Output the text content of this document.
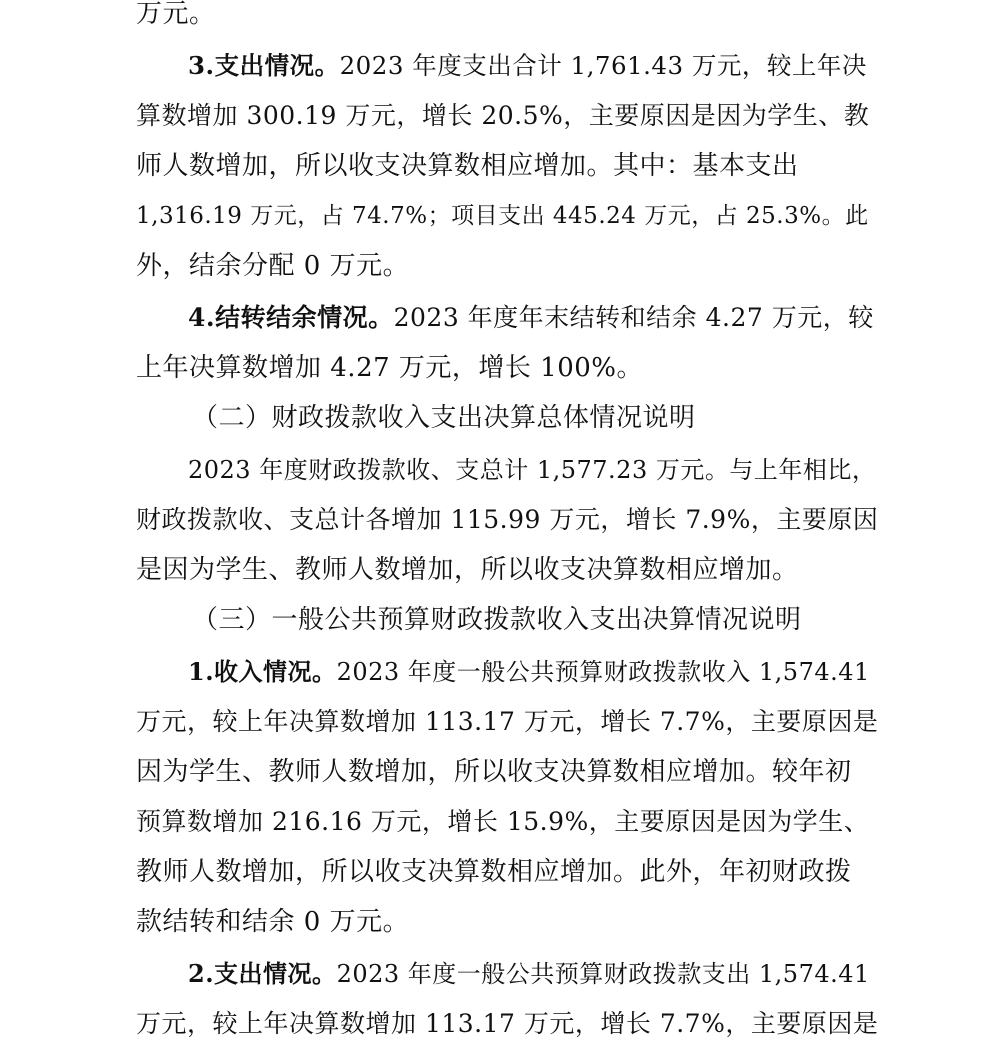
万元。
3.支出情况。2023 年度支出合计 1,761.43 万元，较上年决
算数增加 300.19 万元，增长 20.5%，主要原因是因为学生、教
师人数增加，所以收支决算数相应增加。其中：基本支出
1,316.19 万元，占 74.7%；项目支出 445.24 万元，占 25.3%。此
外，结余分配 0 万元。
4.结转结余情况。2023 年度年末结转和结余 4.27 万元，较
上年决算数增加 4.27 万元，增长 100%。
（二）财政拨款收入支出决算总体情况说明
2023 年度财政拨款收、支总计 1,577.23 万元。与上年相比，
财政拨款收、支总计各增加 115.99 万元，增长 7.9%，主要原因
是因为学生、教师人数增加，所以收支决算数相应增加。
（三）一般公共预算财政拨款收入支出决算情况说明
1.收入情况。2023 年度一般公共预算财政拨款收入 1,574.41
万元，较上年决算数增加 113.17 万元，增长 7.7%，主要原因是
因为学生、教师人数增加，所以收支决算数相应增加。较年初
预算数增加 216.16 万元，增长 15.9%，主要原因是因为学生、
教师人数增加，所以收支决算数相应增加。此外，年初财政拨
款结转和结余 0 万元。
2.支出情况。2023 年度一般公共预算财政拨款支出 1,574.41
万元，较上年决算数增加 113.17 万元，增长 7.7%，主要原因是
